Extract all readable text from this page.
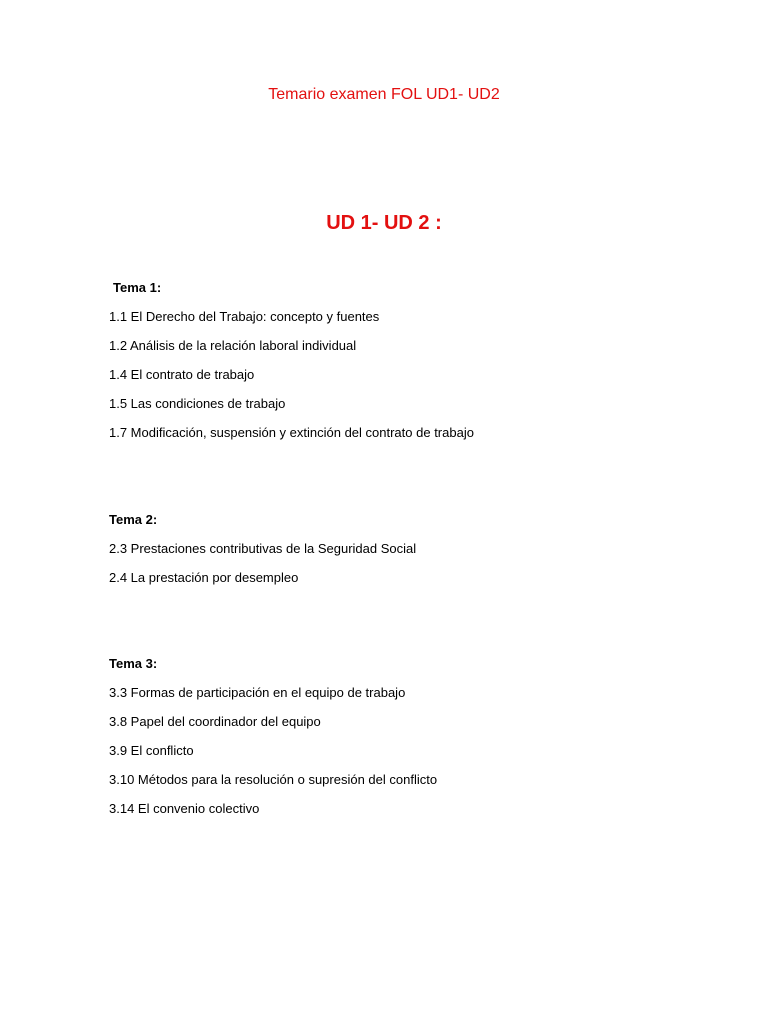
Temario examen FOL UD1- UD2
UD 1- UD 2 :

Tema 1:

1.1 El Derecho del Trabajo: concepto y fuentes

1.2 Análisis de la relación laboral individual

1.4 El contrato de trabajo

1.5 Las condiciones de trabajo

1.7 Modificación, suspensión y extinción del contrato de trabajo

Tema 2:

2.3 Prestaciones contributivas de la Seguridad Social

2.4 La prestación por desempleo

Tema 3:

3.3 Formas de participación en el equipo de trabajo

3.8 Papel del coordinador del equipo

3.9 El conflicto

3.10 Métodos para la resolución o supresión del conflicto

3.14 El convenio colectivo
